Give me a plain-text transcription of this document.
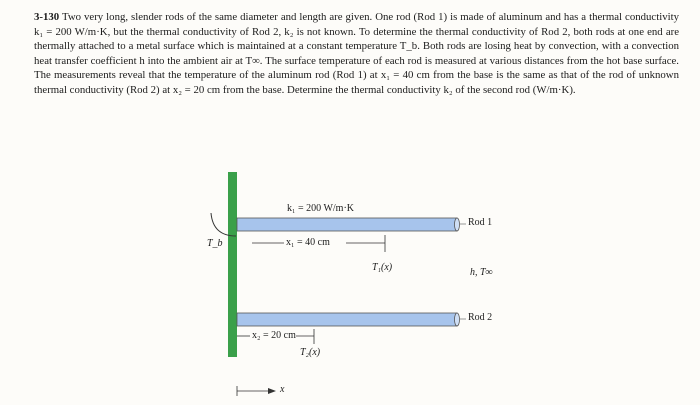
3-130 Two very long, slender rods of the same diameter and length are given. One rod (Rod 1) is made of aluminum and has a thermal conductivity k₁ = 200 W/m·K, but the thermal conductivity of Rod 2, k₂ is not known. To determine the thermal conductivity of Rod 2, both rods at one end are thermally attached to a metal surface which is maintained at a constant temperature T_b. Both rods are losing heat by convection, with a convection heat transfer coefficient h into the ambient air at T∞. The surface temperature of each rod is measured at various distances from the hot base surface. The measurements reveal that the temperature of the aluminum rod (Rod 1) at x₁ = 40 cm from the base is the same as that of the rod of unknown thermal conductivity (Rod 2) at x₂ = 20 cm from the base. Determine the thermal conductivity k₂ of the second rod (W/m·K).
k₁ = 200 W/m·K
T_b
Rod 1
x₁ = 40 cm
T₁(x)	h, T∞
Rod 2
x₂ = 20 cm
T₂(x)
x
